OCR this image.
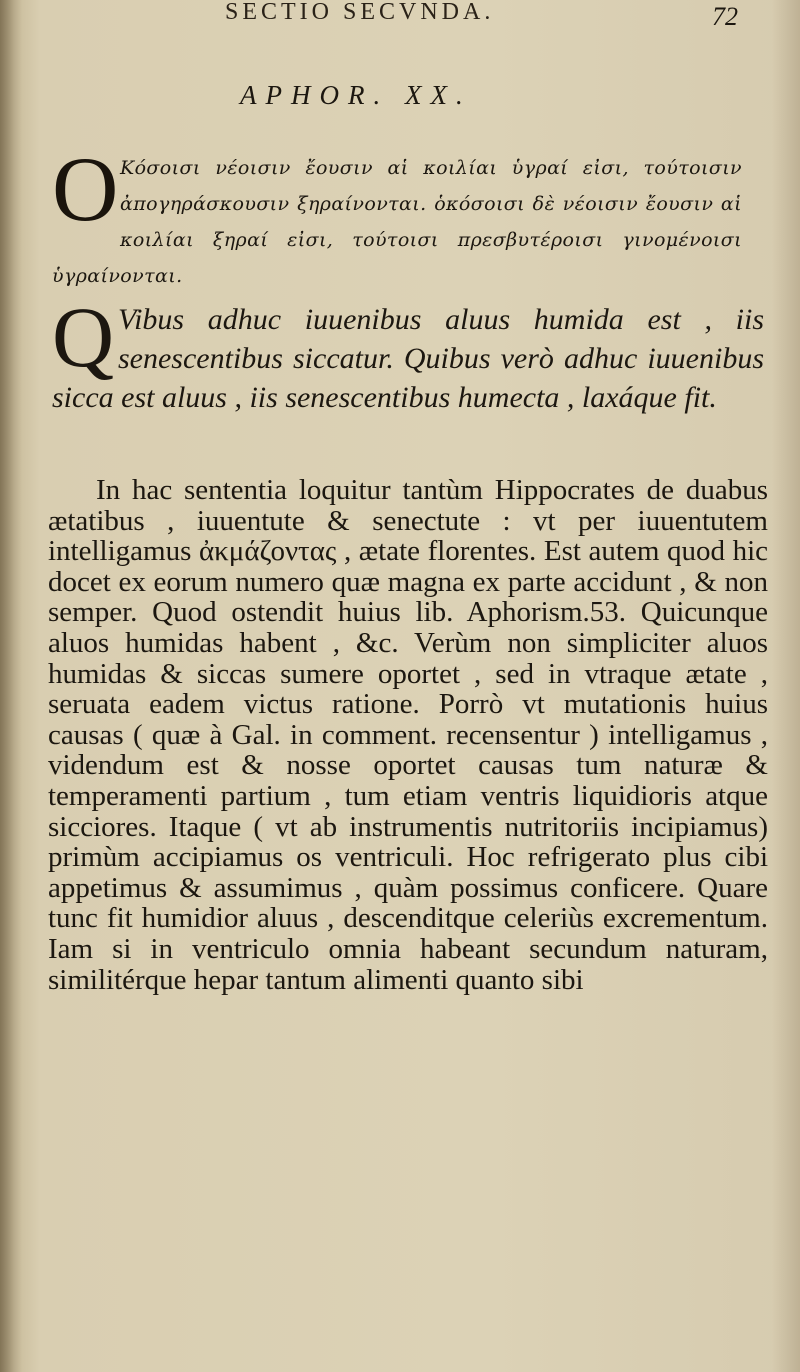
SECTIO SECVNDA.	72
APHOR. XX.
O Κόσοισι νέοισιν ἔουσιν αἱ κοιλίαι ὑγραί εἰσι, τούτοισιν ἀπογηράσκουσιν ξηραίνονται. ὁκόσοισι δὲ νέοισιν ἔουσιν αἱ κοιλίαι ξηραί εἰσι, τούτοισι πρεσβυτέροισι γινομένοισι ὑγραίνονται.
Q Vibus adhuc iuuenibus aluus humida est , iis senescentibus siccatur. Quibus verò adhuc iuuenibus sicca est aluus , iis senescentibus humecta , laxáque fit.
In hac sententia loquitur tantùm Hippocrates de duabus ætatibus , iuuentute & senectute : vt per iuuentutem intelligamus ἀκμάζοντας , ætate florentes. Est autem quod hic docet ex eorum numero quæ magna ex parte accidunt , & non semper. Quod ostendit huius lib. Aphorism.53. Quicunque aluos humidas habent , &c. Verùm non simpliciter aluos humidas & siccas sumere oportet , sed in vtraque ætate , seruata eadem victus ratione. Porrò vt mutationis huius causas ( quæ à Gal. in comment. recensentur ) intelligamus , videndum est & nosse oportet causas tum naturæ & temperamenti partium , tum etiam ventris liquidioris atque sicciores. Itaque ( vt ab instrumentis nutritoriis incipiamus) primùm accipiamus os ventriculi. Hoc refrigerato plus cibi appetimus & assumimus , quàm possimus conficere. Quare tunc fit humidior aluus , descenditque celeriùs excrementum. Iam si in ventriculo omnia habeant secundum naturam, similitérque hepar tantum alimenti quanto sibi
